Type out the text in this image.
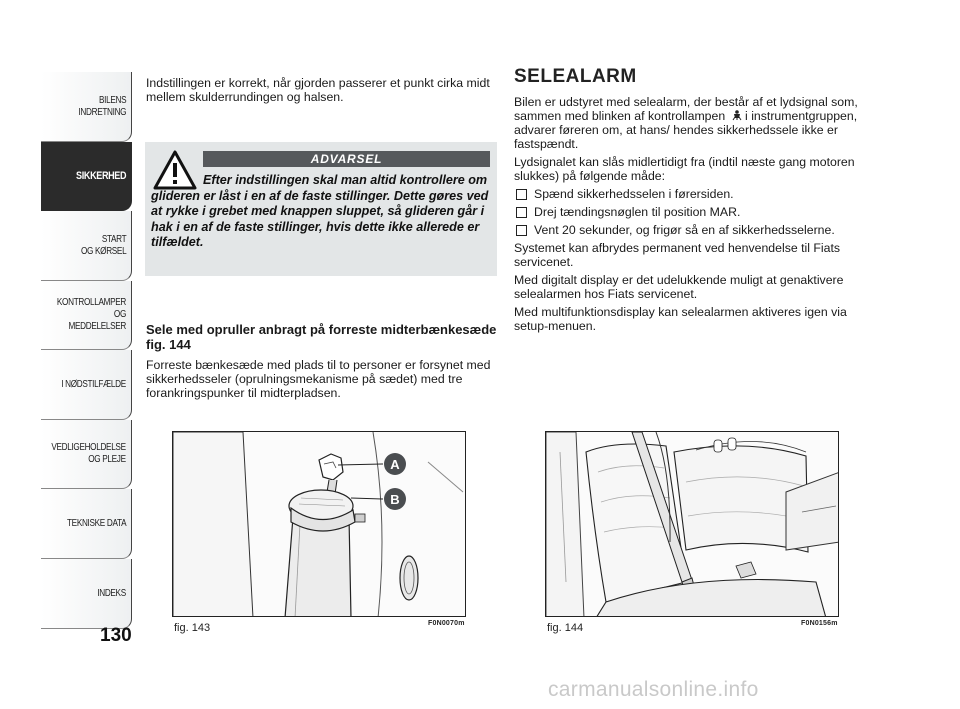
BILENS
INDRETNING
SIKKERHED
START
OG KØRSEL
KONTROLLAMPER
OG MEDDELELSER
I NØDSTILFÆLDE
VEDLIGEHOLDELSE
OG PLEJE
TEKNISKE DATA
INDEKS
130

Indstillingen er korrekt, når gjorden passerer et punkt cirka midt mellem skulderrundingen og halsen.

ADVARSEL
Efter indstillingen skal man altid kontrollere om glideren er låst i en af de faste stillinger. Dette gøres ved at rykke i grebet med knappen sluppet, så glideren går i hak i en af de faste stillinger, hvis dette ikke allerede er tilfældet.

Sele med opruller anbragt på forreste midterbænkesæde fig. 144

Forreste bænkesæde med plads til to personer er forsynet med sikkerhedsseler (oprulningsmekanisme på sædet) med tre forankringspunker til midterpladsen.

SELEALARM

Bilen er udstyret med selealarm, der består af et lydsignal som, sammen med blinken af kontrollampen i instrumentgruppen, advarer føreren om, at hans/ hendes sikkerhedssele ikke er fastspændt.

Lydsignalet kan slås midlertidigt fra (indtil næste gang motoren slukkes) på følgende måde:

Spænd sikkerhedsselen i førersiden.
Drej tændingsnøglen til position MAR.
Vent 20 sekunder, og frigør så en af sikkerhedsselerne.

Systemet kan afbrydes permanent ved henvendelse til Fiats servicenet.

Med digitalt display er det udelukkende muligt at genaktivere selealarmen hos Fiats servicenet.

Med multifunktionsdisplay kan selealarmen aktiveres igen via setup-menuen.

A
B
fig. 143	F0N0070m	fig. 144	F0N0156m
carmanualsonline.info
